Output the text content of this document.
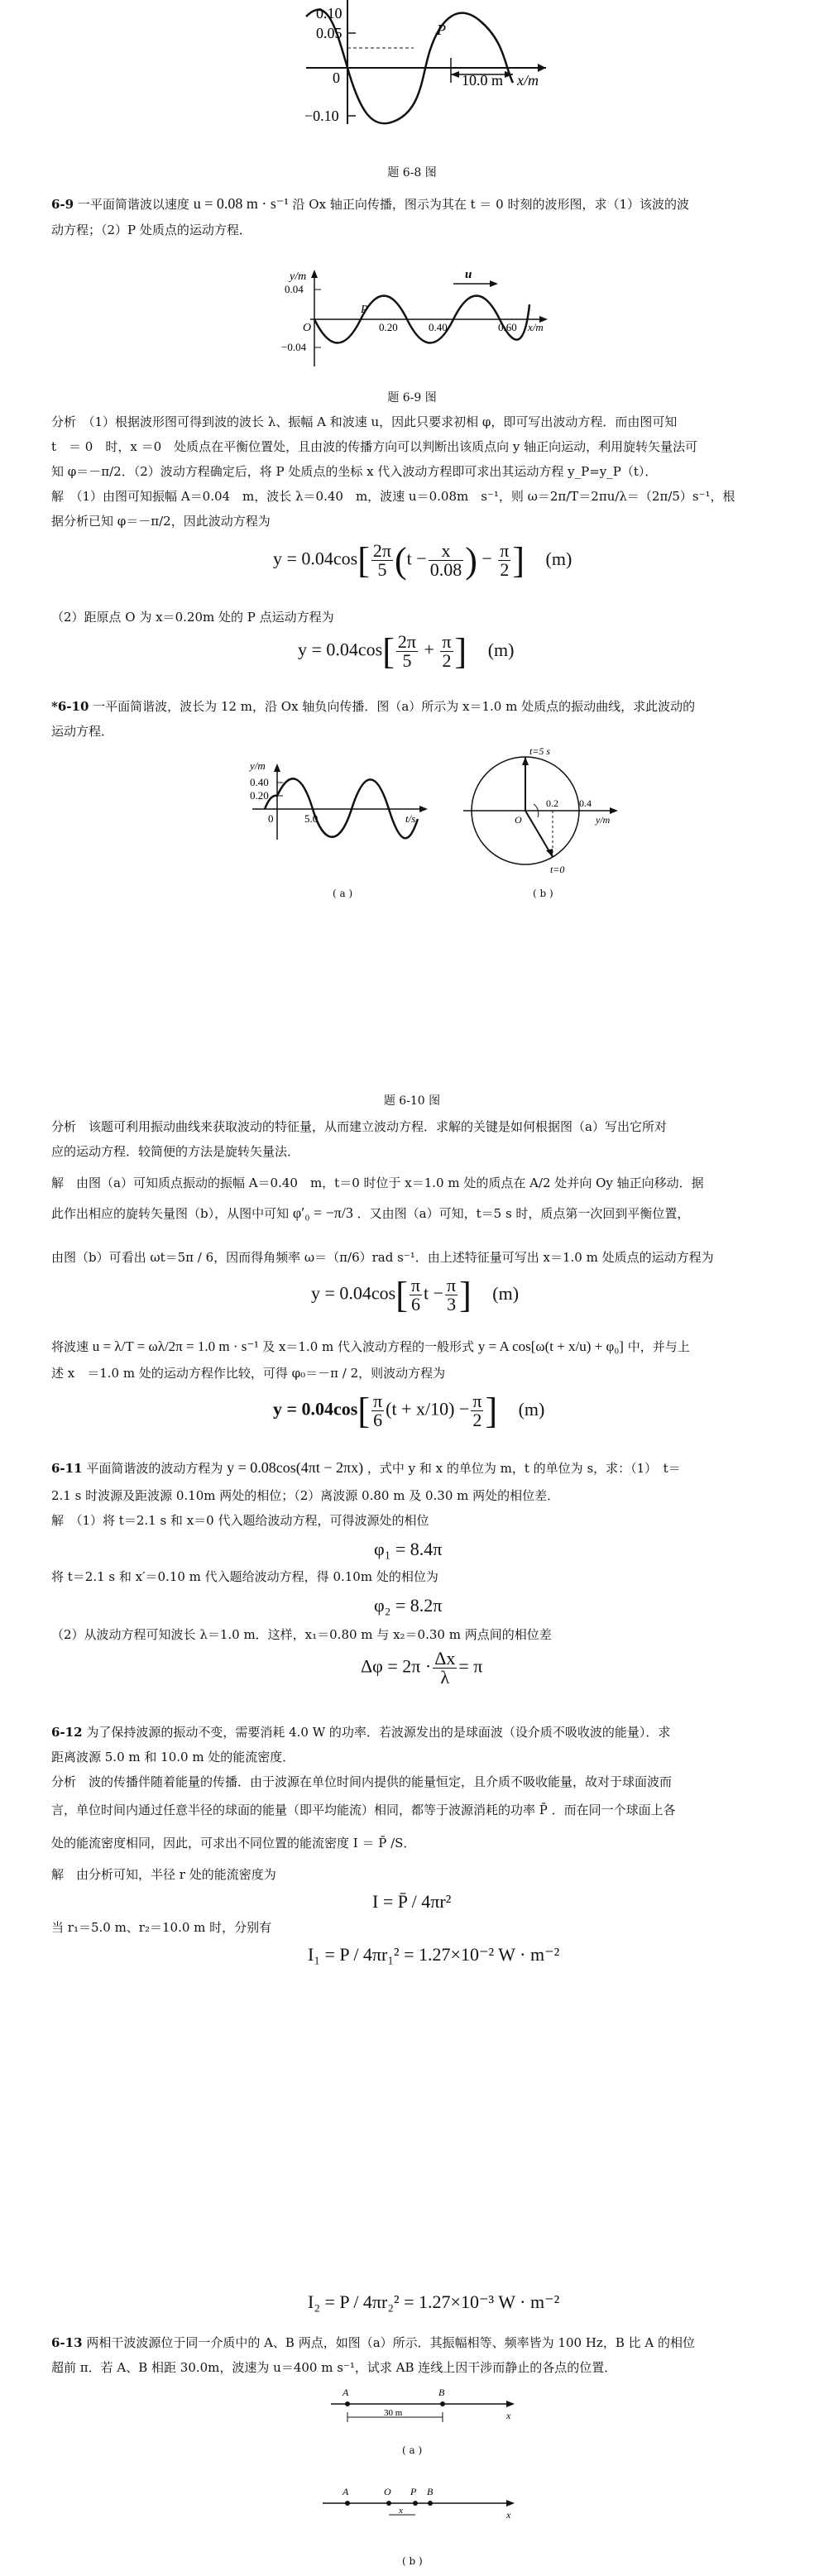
0.10
0.05
0
−0.10
P
10.0 m x/m
题 6-8 图
6-9 一平面简谐波以速度 u = 0.08 m · s⁻¹ 沿 Ox 轴正向传播，图示为其在 t ＝ 0 时刻的波形图，求（1）该波的波
动方程；（2）P 处质点的运动方程．
y/m	u
O
P
0.04
−0.04
0.20	0.40	0.60 x/m
题 6-9 图
分析　（1）根据波形图可得到波的波长 λ、振幅 A 和波速 u，因此只要求初相 φ，即可写出波动方程．而由图可知
t　＝ 0　时，x ＝0　处质点在平衡位置处，且由波的传播方向可以判断出该质点向 y 轴正向运动，利用旋转矢量法可
知 φ＝－π/2．（2）波动方程确定后，将 P 处质点的坐标 x 代入波动方程即可求出其运动方程 y_P=y_P（t）．
解　（1）由图可知振幅 A＝0.04　m，波长 λ＝0.40　m，波速 u＝0.08m　s⁻¹，则 ω＝2π/T＝2πu/λ＝（2π/5）s⁻¹，根
据分析已知 φ＝－π/2，因此波动方程为
$y = 0.04\cos[ \frac{2\pi}{5} (t - \frac{x}{0.08}$ ) − $\frac{\pi}{2}$ ] (m)
（2）距原点 O 为 x＝0.20m 处的 P 点运动方程为
$y = 0.04\cos[ \frac{2\pi}{5} + \frac{\pi}{2}$ ] (m)
*6-10 一平面简谐波，波长为 12 m，沿 Ox 轴负向传播．图（a）所示为 x＝1.0 m 处质点的振动曲线，求此波动的
运动方程．
y/m
0.40
0.20
0	5.0	t/s
( a )
t=5 s
O
0.2 0.4
y/m
t=0
( b )
题 6-10 图
分析　该题可利用振动曲线来获取波动的特征量，从而建立波动方程．求解的关键是如何根据图（a）写出它所对
应的运动方程．较简便的方法是旋转矢量法．
解　由图（a）可知质点振动的振幅 A＝0.40　m，t＝0 时位于 x＝1.0 m 处的质点在 A/2 处并向 Oy 轴正向移动．据
此作出相应的旋转矢量图（b），从图中可知 φ′₀ = −π/3 ．又由图（a）可知，t＝5 s 时，质点第一次回到平衡位置，
由图（b）可看出 ωt＝5π / 6，因而得角频率 ω＝（π/6）rad s⁻¹．由上述特征量可写出 x＝1.0 m 处质点的运动方程为
$y = 0.04\cos[ \frac{\pi}{6}$ $t - \frac{\pi}{3}$ ] (m)
将波速 u = λ/T = ωλ/2π = 1.0 m · s⁻¹ 及 x＝1.0 m 代入波动方程的一般形式 y = A cos[ω(t + x/u) + φ₀] 中，并与上
述 x　＝1.0 m 处的运动方程作比较，可得 φ₀＝－π / 2，则波动方程为
$y = 0.04\cos[ \frac{\pi}{6} (t + x/10) - \frac{\pi}{2}$ ] (m)
6-11 平面简谐波的波动方程为 y = 0.08cos(4πt − 2πx) ，式中 y 和 x 的单位为 m，t 的单位为 s，求：（1）　t＝
2.1 s 时波源及距波源 0.10m 两处的相位；（2）离波源 0.80 m 及 0.30 m 两处的相位差．
解　（1）将 t＝2.1 s 和 x＝0 代入题给波动方程，可得波源处的相位
φ₁ = 8.4π
将 t＝2.1 s 和 x′＝0.10 m 代入题给波动方程，得 0.10m 处的相位为
φ₂ = 8.2π
（2）从波动方程可知波长 λ＝1.0 m．这样，x₁＝0.80 m 与 x₂＝0.30 m 两点间的相位差
$\Delta\varphi = 2\pi \cdot \frac{\Delta x}{\lambda} = \pi$
6-12 为了保持波源的振动不变，需要消耗 4.0 W 的功率．若波源发出的是球面波（设介质不吸收波的能量）．求
距离波源 5.0 m 和 10.0 m 处的能流密度．
分析　波的传播伴随着能量的传播．由于波源在单位时间内提供的能量恒定，且介质不吸收能量，故对于球面波而
言，单位时间内通过任意半径的球面的能量（即平均能流）相同，都等于波源消耗的功率 P̄ ．而在同一个球面上各
处的能流密度相同，因此，可求出不同位置的能流密度 I ＝ P̄ /S．
解　由分析可知，半径 r 处的能流密度为
I = P̄ / 4πr²
当 r₁＝5.0 m、r₂＝10.0 m 时，分别有
I₁ = P / 4πr₁² = 1.27×10⁻² W · m⁻²
I₂ = P / 4πr₂² = 1.27×10⁻³ W · m⁻²
6-13 两相干波波源位于同一介质中的 A、B 两点，如图（a）所示．其振幅相等、频率皆为 100 Hz，B 比 A 的相位
超前 π．若 A、B 相距 30.0m，波速为 u＝400 m s⁻¹，试求 AB 连线上因干涉而静止的各点的位置．
A	B
30 m	x
( a )
A	O P B
x	x
( b )
